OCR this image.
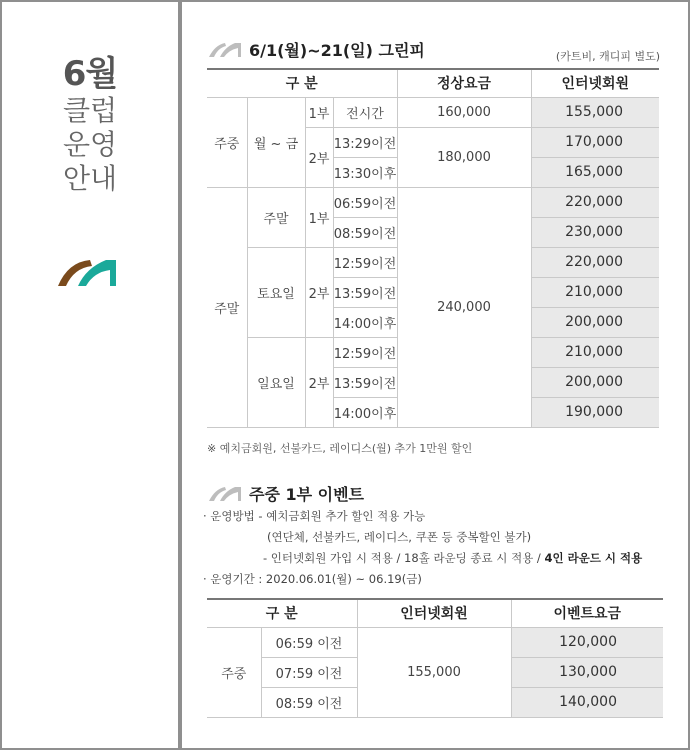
6월
클럽
운영
안내
6/1(월)~21(일) 그린피	(카트비, 캐디피 별도)
구 분				정상요금	인터넷회원
주중	월 ~ 금	1부	전시간	160,000	155,000
		2부	13:29이전	180,000	170,000
			13:30이후		165,000
주말	주말	1부	06:59이전	240,000	220,000
			08:59이전		230,000
	토요일	2부	12:59이전		220,000
			13:59이전		210,000
			14:00이후		200,000
	일요일	2부	12:59이전		210,000
			13:59이전		200,000
			14:00이후		190,000
※ 예치금회원, 선불카드, 레이디스(월) 추가 1만원 할인
주중 1부 이벤트
· 운영방법 - 예치금회원 추가 할인 적용 가능
(연단체, 선불카드, 레이디스, 쿠폰 등 중복할인 불가)
- 인터넷회원 가입 시 적용 / 18홀 라운딩 종료 시 적용 / 4인 라운드 시 적용
· 운영기간 : 2020.06.01(월) ~ 06.19(금)
구 분		인터넷회원	이벤트요금
주중	06:59 이전	155,000	120,000
	07:59 이전		130,000
	08:59 이전		140,000
